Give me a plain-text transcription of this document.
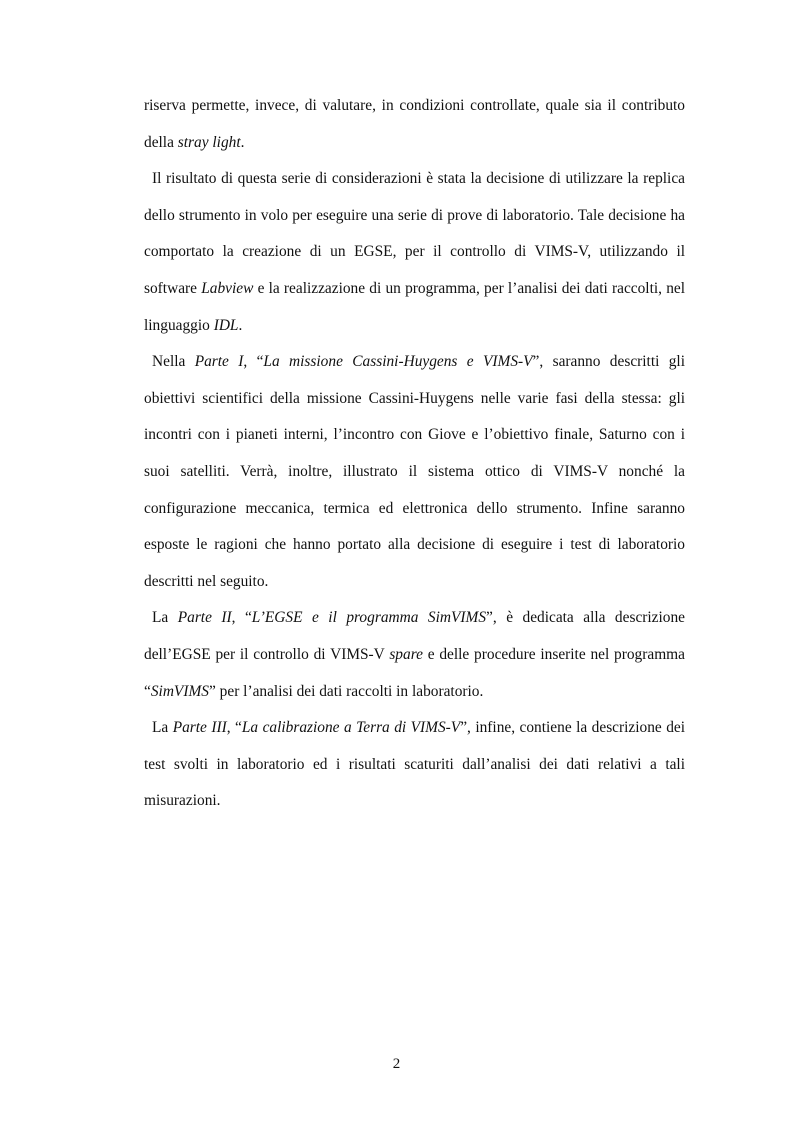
riserva permette, invece, di valutare, in condizioni controllate, quale sia il contributo della stray light.

Il risultato di questa serie di considerazioni è stata la decisione di utilizzare la replica dello strumento in volo per eseguire una serie di prove di laboratorio. Tale decisione ha comportato la creazione di un EGSE, per il controllo di VIMS-V, utilizzando il software Labview e la realizzazione di un programma, per l’analisi dei dati raccolti, nel linguaggio IDL.

Nella Parte I, “La missione Cassini-Huygens e VIMS-V”, saranno descritti gli obiettivi scientifici della missione Cassini-Huygens nelle varie fasi della stessa: gli incontri con i pianeti interni, l’incontro con Giove e l’obiettivo finale, Saturno con i suoi satelliti. Verrà, inoltre, illustrato il sistema ottico di VIMS-V nonché la configurazione meccanica, termica ed elettronica dello strumento. Infine saranno esposte le ragioni che hanno portato alla decisione di eseguire i test di laboratorio descritti nel seguito.

La Parte II, “L’EGSE e il programma SimVIMS”, è dedicata alla descrizione dell’EGSE per il controllo di VIMS-V spare e delle procedure inserite nel programma “SimVIMS” per l’analisi dei dati raccolti in laboratorio.

La Parte III, “La calibrazione a Terra di VIMS-V”, infine, contiene la descrizione dei test svolti in laboratorio ed i risultati scaturiti dall’analisi dei dati relativi a tali misurazioni.

2
